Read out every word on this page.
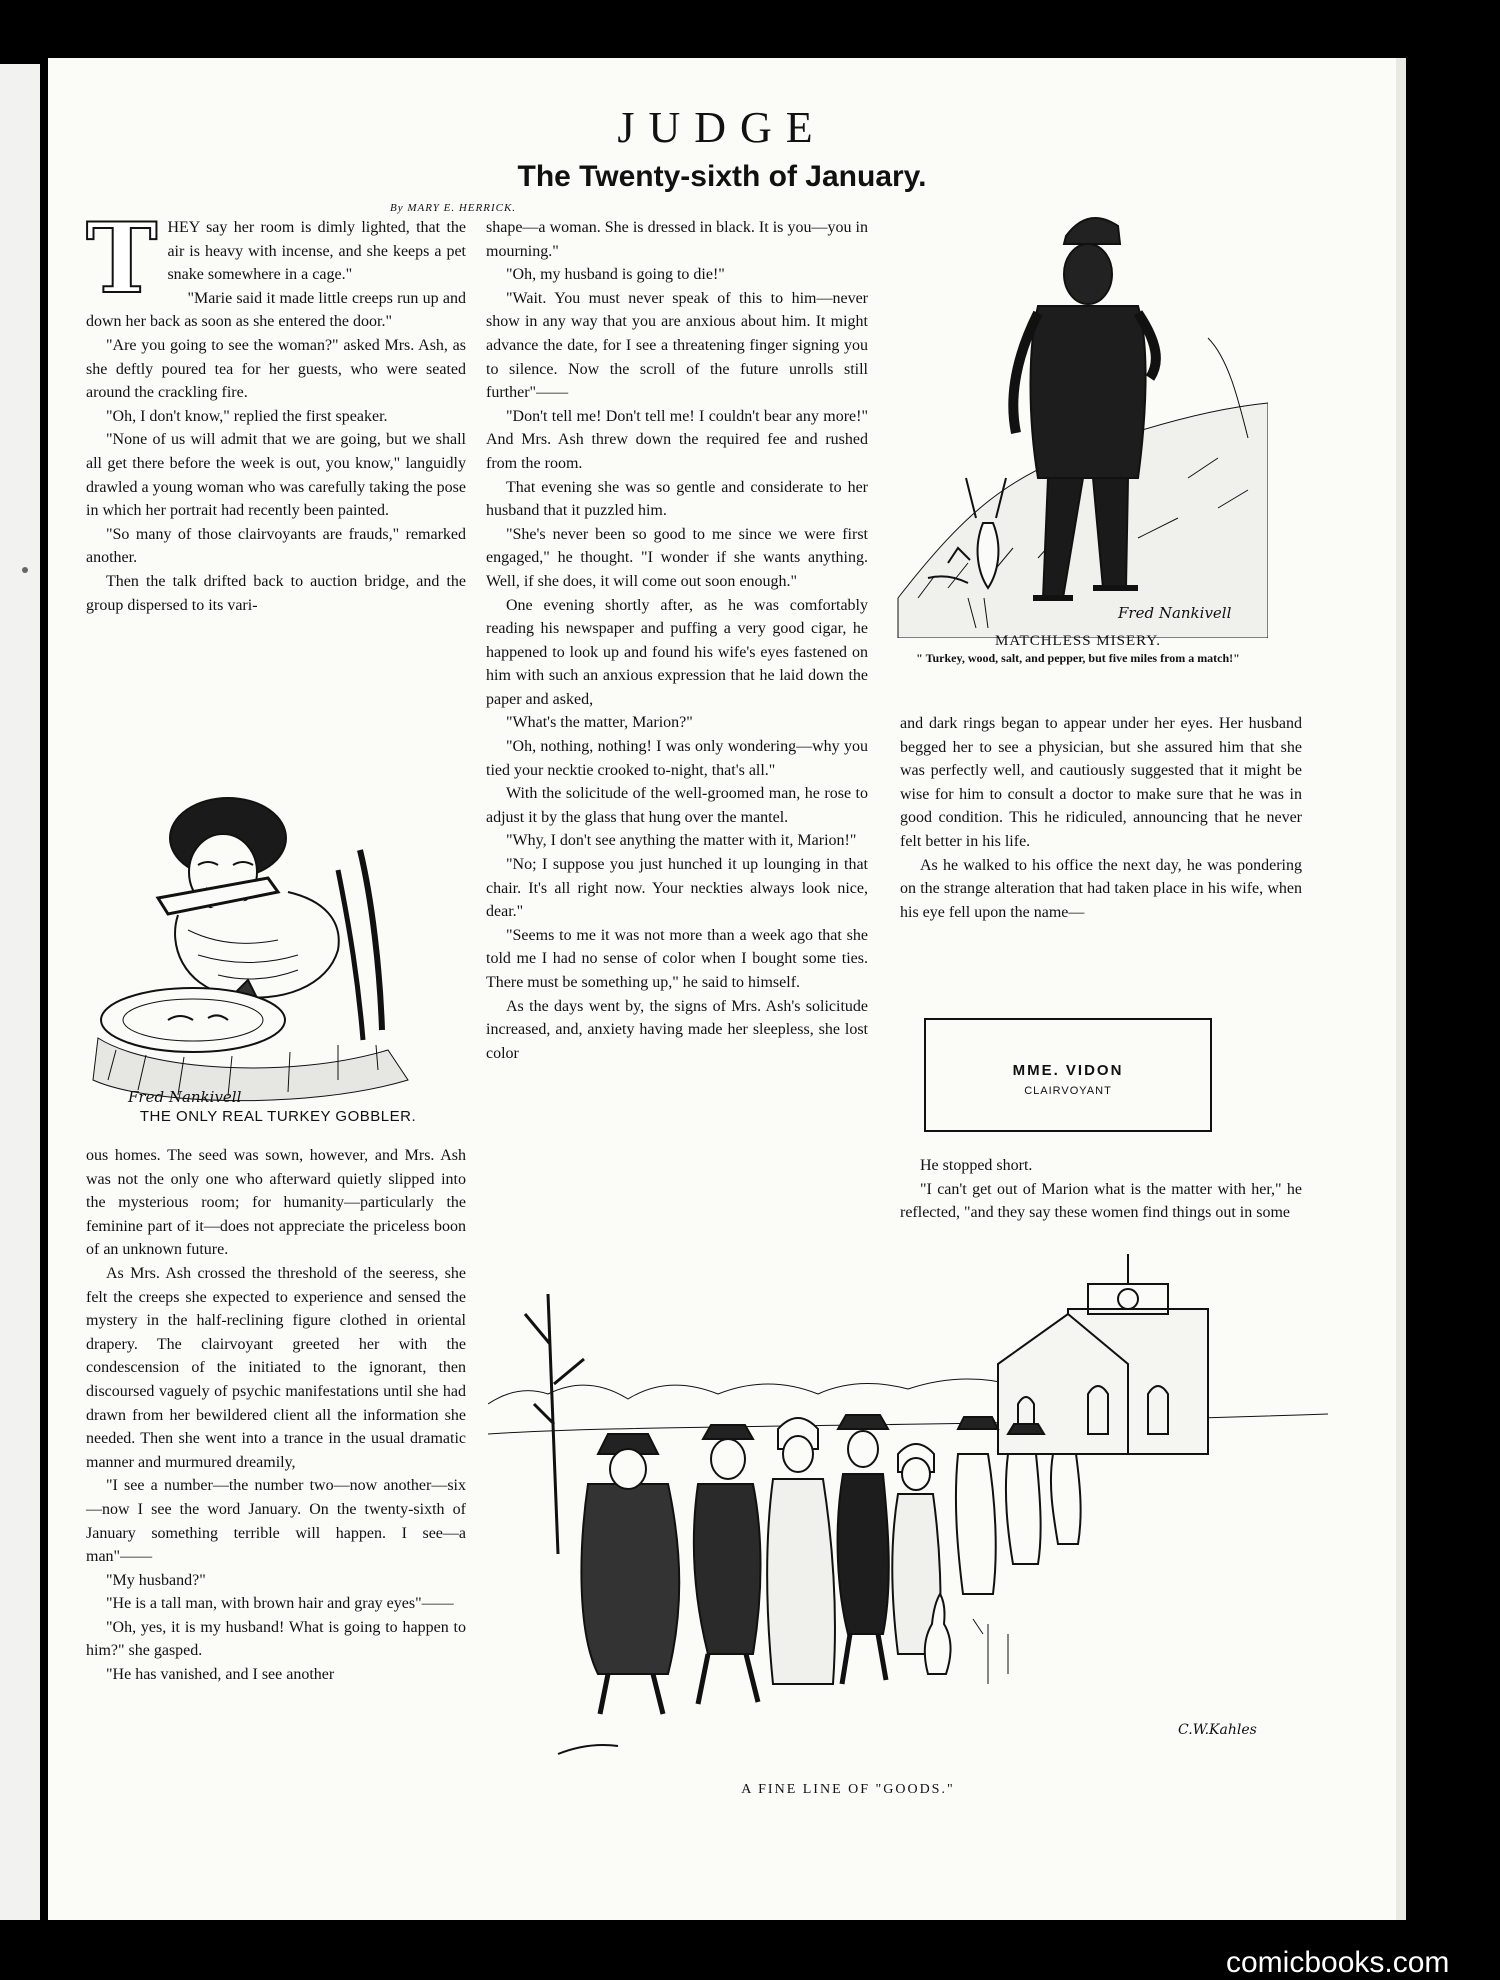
JUDGE
The Twenty-sixth of January.
By MARY E. HERRICK.
T HEY say her room is dimly lighted, that the air is heavy with incense, and she keeps a pet snake somewhere in a cage."

"Marie said it made little creeps run up and down her back as soon as she entered the door."

"Are you going to see the woman?" asked Mrs. Ash, as she deftly poured tea for her guests, who were seated around the crackling fire.

"Oh, I don't know," replied the first speaker.

"None of us will admit that we are going, but we shall all get there before the week is out, you know," languidly drawled a young woman who was carefully taking the pose in which her portrait had recently been painted.

"So many of those clairvoyants are frauds," remarked another.

Then the talk drifted back to auction bridge, and the group dispersed to its vari-

Fred Nankivell
THE ONLY REAL TURKEY GOBBLER.

ous homes. The seed was sown, however, and Mrs. Ash was not the only one who afterward quietly slipped into the mysterious room; for humanity—particularly the feminine part of it—does not appreciate the priceless boon of an unknown future.

As Mrs. Ash crossed the threshold of the seeress, she felt the creeps she expected to experience and sensed the mystery in the half-reclining figure clothed in oriental drapery. The clairvoyant greeted her with the condescension of the initiated to the ignorant, then discoursed vaguely of psychic manifestations until she had drawn from her bewildered client all the information she needed. Then she went into a trance in the usual dramatic manner and murmured dreamily,

"I see a number—the number two—now another—six—now I see the word January. On the twenty-sixth of January something terrible will happen. I see—a man"——

"My husband?"

"He is a tall man, with brown hair and gray eyes"——

"Oh, yes, it is my husband! What is going to happen to him?" she gasped.

"He has vanished, and I see another

shape—a woman. She is dressed in black. It is you—you in mourning."

"Oh, my husband is going to die!"

"Wait. You must never speak of this to him—never show in any way that you are anxious about him. It might advance the date, for I see a threatening finger signing you to silence. Now the scroll of the future unrolls still further"——

"Don't tell me! Don't tell me! I couldn't bear any more!" And Mrs. Ash threw down the required fee and rushed from the room.

That evening she was so gentle and considerate to her husband that it puzzled him.

"She's never been so good to me since we were first engaged," he thought. "I wonder if she wants anything. Well, if she does, it will come out soon enough."

One evening shortly after, as he was comfortably reading his newspaper and puffing a very good cigar, he happened to look up and found his wife's eyes fastened on him with such an anxious expression that he laid down the paper and asked,

"What's the matter, Marion?"

"Oh, nothing, nothing! I was only wondering—why you tied your necktie crooked to-night, that's all."

With the solicitude of the well-groomed man, he rose to adjust it by the glass that hung over the mantel.

"Why, I don't see anything the matter with it, Marion!"

"No; I suppose you just hunched it up lounging in that chair. It's all right now. Your neckties always look nice, dear."

"Seems to me it was not more than a week ago that she told me I had no sense of color when I bought some ties. There must be something up," he said to himself.

As the days went by, the signs of Mrs. Ash's solicitude increased, and, anxiety having made her sleepless, she lost color

Fred Nankivell
MATCHLESS MISERY.
" Turkey, wood, salt, and pepper, but five miles from a match!"

and dark rings began to appear under her eyes. Her husband begged her to see a physician, but she assured him that she was perfectly well, and cautiously suggested that it might be wise for him to consult a doctor to make sure that he was in good condition. This he ridiculed, announcing that he never felt better in his life.

As he walked to his office the next day, he was pondering on the strange alteration that had taken place in his wife, when his eye fell upon the name—

MME. VIDON
CLAIRVOYANT

He stopped short.

"I can't get out of Marion what is the matter with her," he reflected, "and they say these women find things out in some

C.W.Kahles
A FINE LINE OF "GOODS."
comicbooks.com
